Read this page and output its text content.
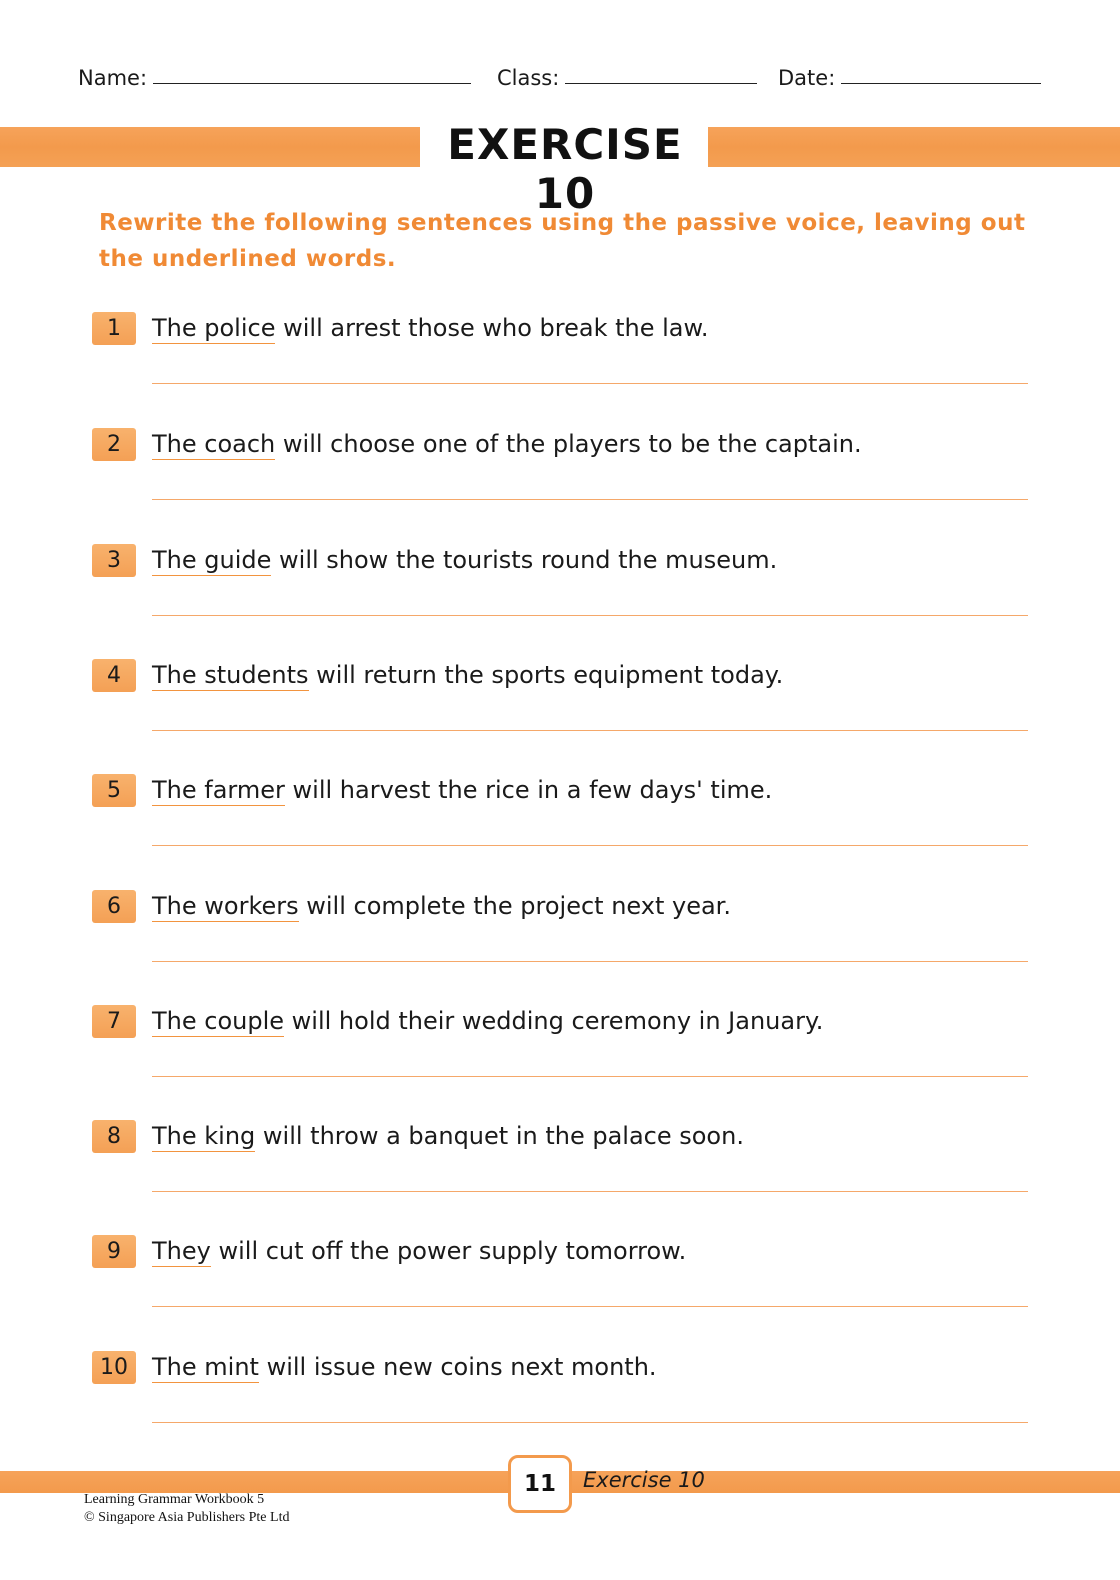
Name:	Class:	Date:
EXERCISE 10
Rewrite the following sentences using the passive voice, leaving out the underlined words.
1	The police will arrest those who break the law.
2	The coach will choose one of the players to be the captain.
3	The guide will show the tourists round the museum.
4	The students will return the sports equipment today.
5	The farmer will harvest the rice in a few days' time.
6	The workers will complete the project next year.
7	The couple will hold their wedding ceremony in January.
8	The king will throw a banquet in the palace soon.
9	They will cut off the power supply tomorrow.
10	The mint will issue new coins next month.
11	Exercise 10
Learning Grammar Workbook 5
© Singapore Asia Publishers Pte Ltd
